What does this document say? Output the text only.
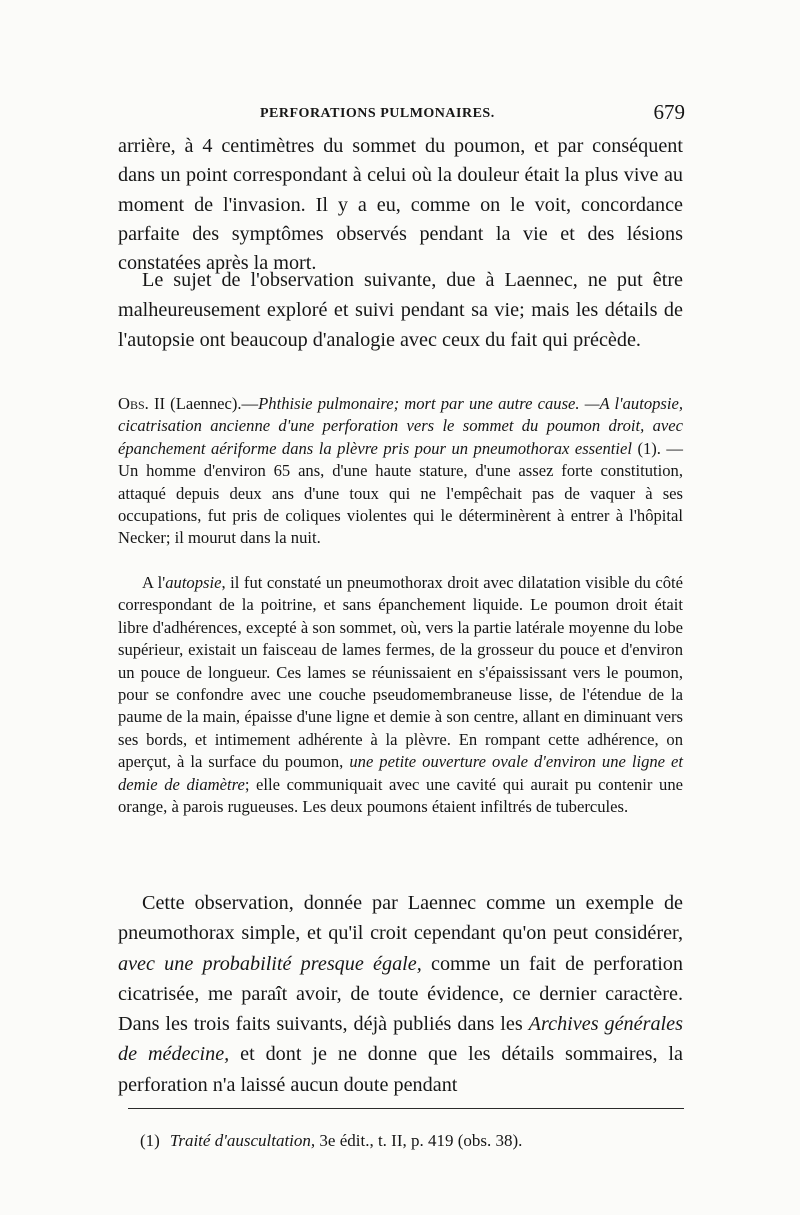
PERFORATIONS PULMONAIRES.	679

arrière, à 4 centimètres du sommet du poumon, et par conséquent dans un point correspondant à celui où la douleur était la plus vive au moment de l'invasion. Il y a eu, comme on le voit, concordance parfaite des symptômes observés pendant la vie et des lésions constatées après la mort.

Le sujet de l'observation suivante, due à Laennec, ne put être malheureusement exploré et suivi pendant sa vie; mais les détails de l'autopsie ont beaucoup d'analogie avec ceux du fait qui précède.

Obs. II (Laennec).—Phthisie pulmonaire; mort par une autre cause. —A l'autopsie, cicatrisation ancienne d'une perforation vers le sommet du poumon droit, avec épanchement aériforme dans la plèvre pris pour un pneumothorax essentiel (1). — Un homme d'environ 65 ans, d'une haute stature, d'une assez forte constitution, attaqué depuis deux ans d'une toux qui ne l'empêchait pas de vaquer à ses occupations, fut pris de coliques violentes qui le déterminèrent à entrer à l'hôpital Necker; il mourut dans la nuit.

A l'autopsie, il fut constaté un pneumothorax droit avec dilatation visible du côté correspondant de la poitrine, et sans épanchement liquide. Le poumon droit était libre d'adhérences, excepté à son sommet, où, vers la partie latérale moyenne du lobe supérieur, existait un faisceau de lames fermes, de la grosseur du pouce et d'environ un pouce de longueur. Ces lames se réunissaient en s'épaississant vers le poumon, pour se confondre avec une couche pseudomembraneuse lisse, de l'étendue de la paume de la main, épaisse d'une ligne et demie à son centre, allant en diminuant vers ses bords, et intimement adhérente à la plèvre. En rompant cette adhérence, on aperçut, à la surface du poumon, une petite ouverture ovale d'environ une ligne et demie de diamètre; elle communiquait avec une cavité qui aurait pu contenir une orange, à parois rugueuses. Les deux poumons étaient infiltrés de tubercules.

Cette observation, donnée par Laennec comme un exemple de pneumothorax simple, et qu'il croit cependant qu'on peut considérer, avec une probabilité presque égale, comme un fait de perforation cicatrisée, me paraît avoir, de toute évidence, ce dernier caractère. Dans les trois faits suivants, déjà publiés dans les Archives générales de médecine, et dont je ne donne que les détails sommaires, la perforation n'a laissé aucun doute pendant

(1) Traité d'auscultation, 3e édit., t. II, p. 419 (obs. 38).
